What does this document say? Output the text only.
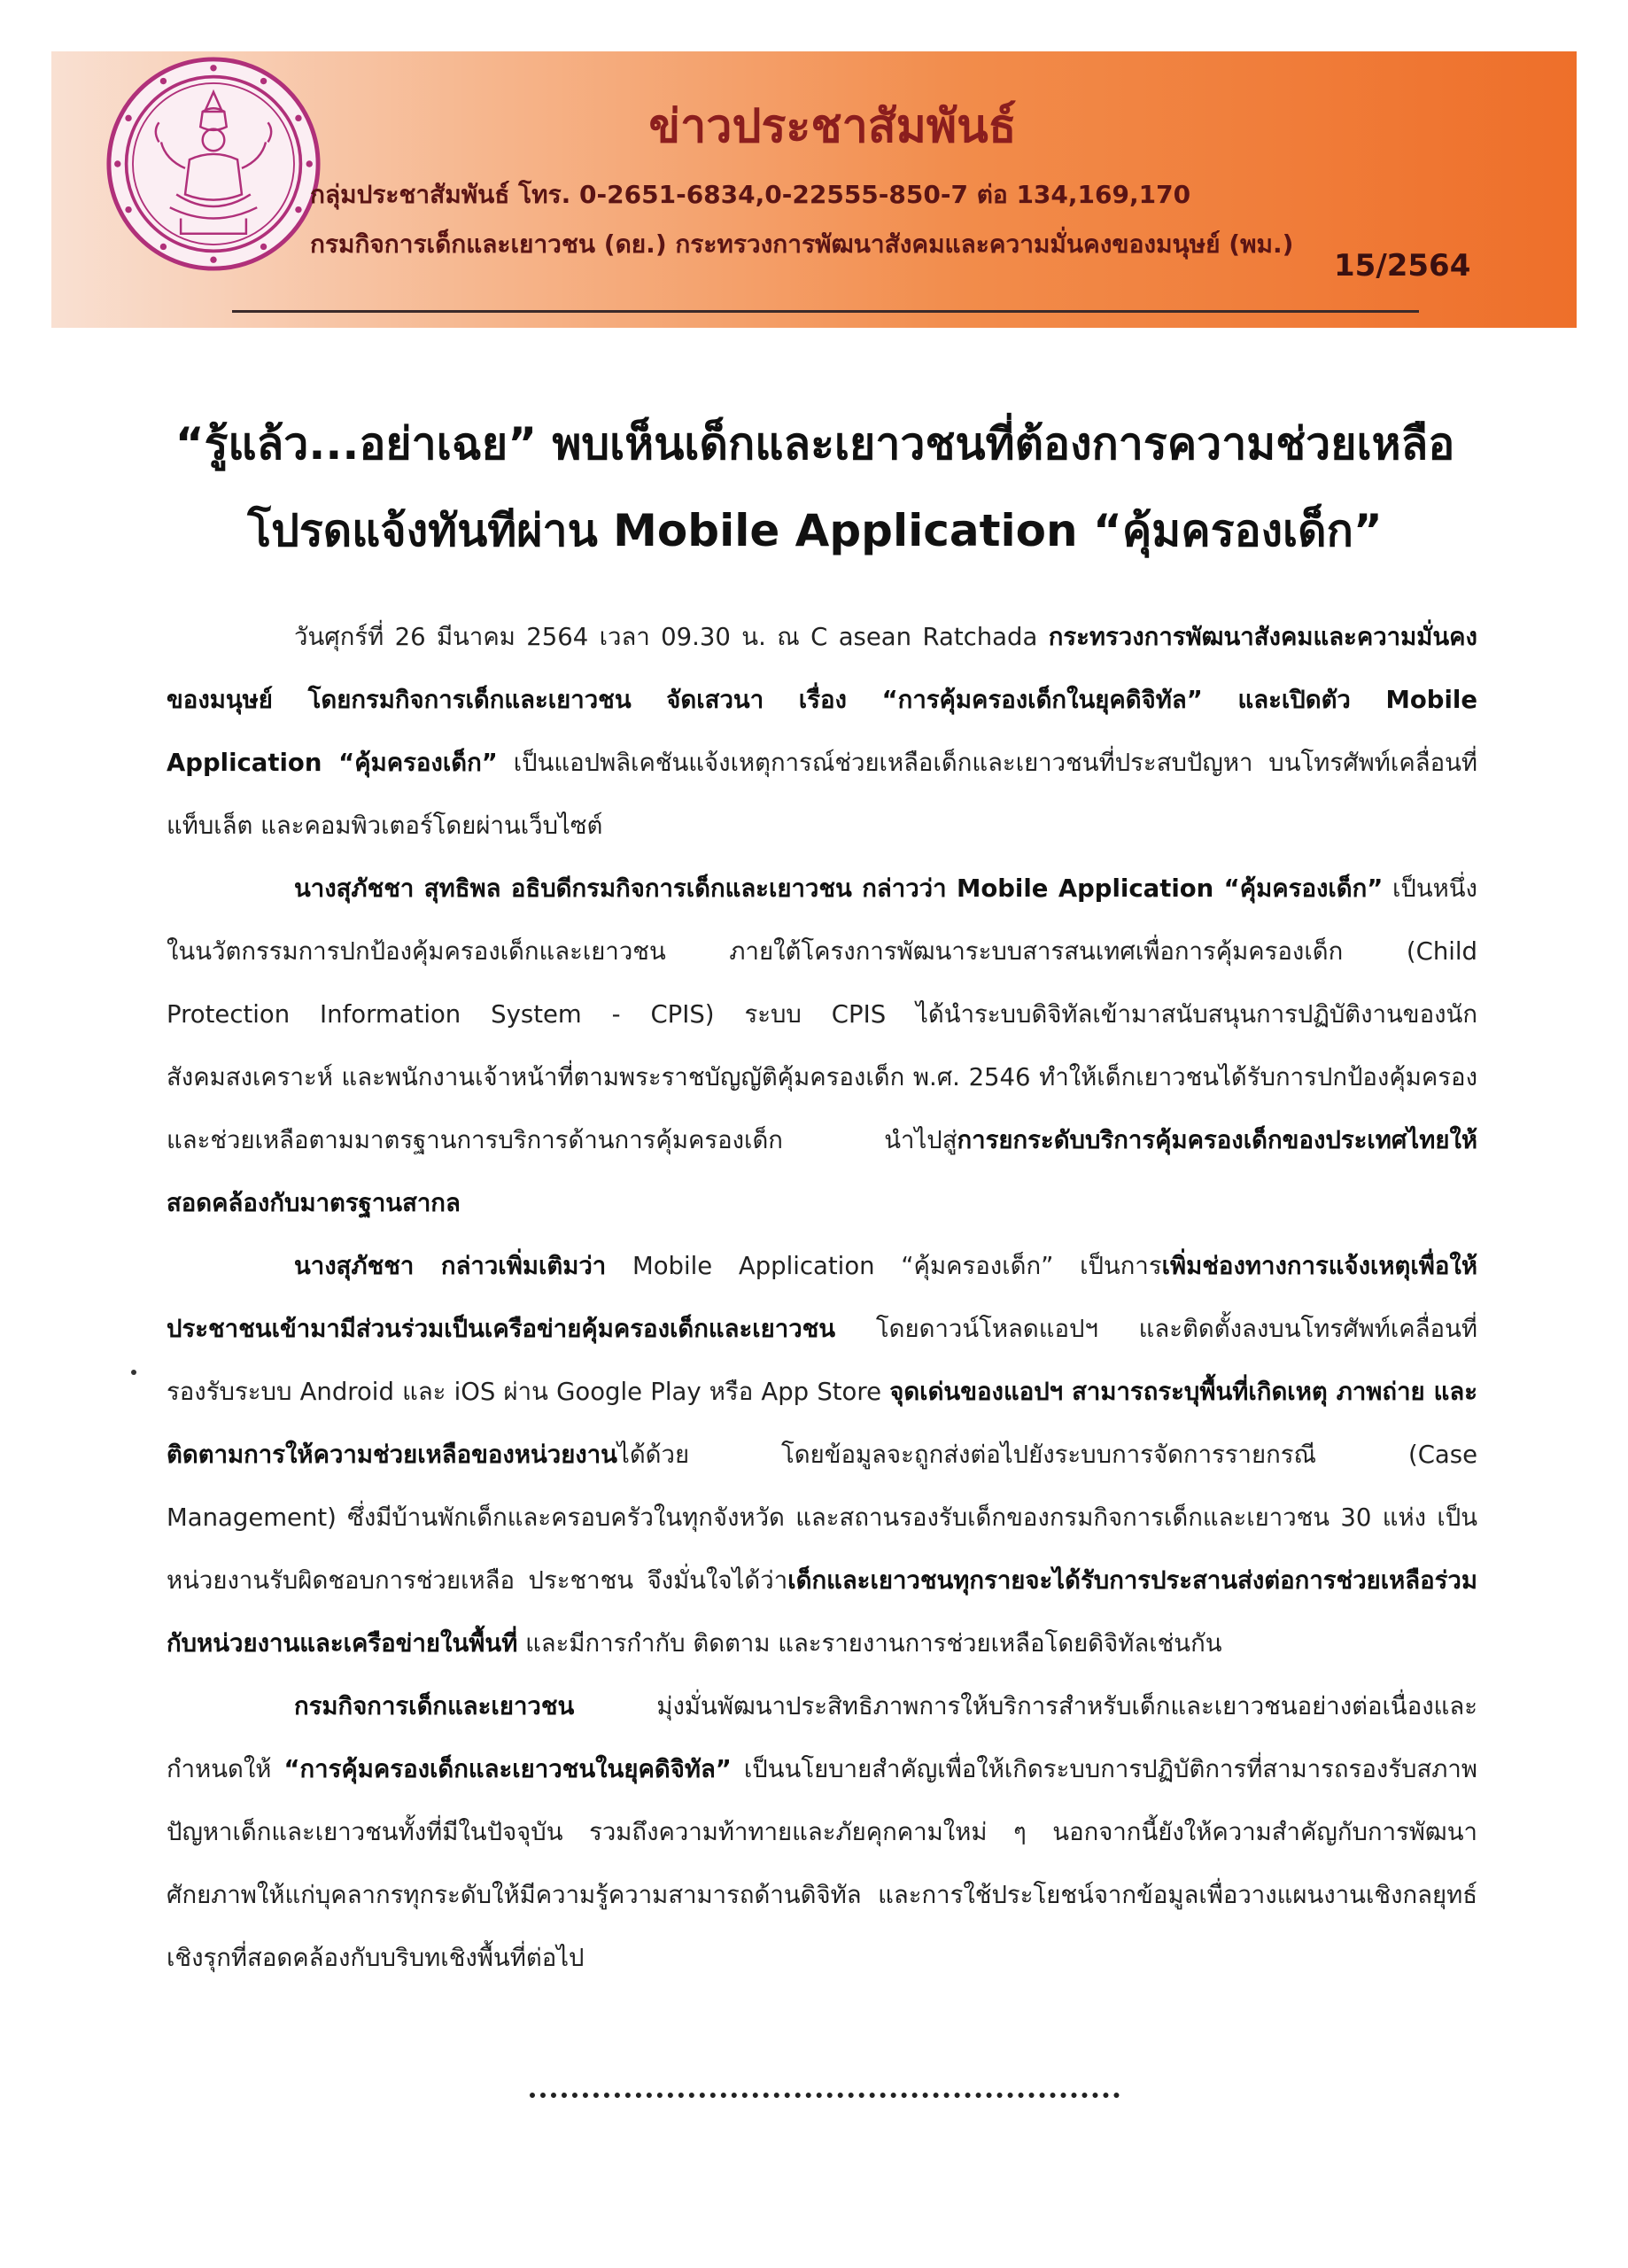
ข่าวประชาสัมพันธ์
กลุ่มประชาสัมพันธ์ โทร. 0-2651-6834,0-22555-850-7 ต่อ 134,169,170
กรมกิจการเด็กและเยาวชน (ดย.) กระทรวงการพัฒนาสังคมและความมั่นคงของมนุษย์ (พม.)
15/2564
“รู้แล้ว...อย่าเฉย” พบเห็นเด็กและเยาวชนที่ต้องการความช่วยเหลือ
โปรดแจ้งทันทีผ่าน Mobile Application “คุ้มครองเด็ก”

วันศุกร์ที่ 26 มีนาคม 2564 เวลา 09.30 น. ณ C asean Ratchada กระทรวงการพัฒนาสังคมและความมั่นคงของมนุษย์ โดยกรมกิจการเด็กและเยาวชน จัดเสวนา เรื่อง “การคุ้มครองเด็กในยุคดิจิทัล” และเปิดตัว Mobile Application “คุ้มครองเด็ก” เป็นแอปพลิเคชันแจ้งเหตุการณ์ช่วยเหลือเด็กและเยาวชนที่ประสบปัญหา บนโทรศัพท์เคลื่อนที่ แท็บเล็ต และคอมพิวเตอร์โดยผ่านเว็บไซต์

นางสุภัชชา สุทธิพล อธิบดีกรมกิจการเด็กและเยาวชน กล่าวว่า Mobile Application “คุ้มครองเด็ก” เป็นหนึ่งในนวัตกรรมการปกป้องคุ้มครองเด็กและเยาวชน ภายใต้โครงการพัฒนาระบบสารสนเทศเพื่อการคุ้มครองเด็ก (Child Protection Information System - CPIS) ระบบ CPIS ได้นำระบบดิจิทัลเข้ามาสนับสนุนการปฏิบัติงานของนักสังคมสงเคราะห์ และพนักงานเจ้าหน้าที่ตามพระราชบัญญัติคุ้มครองเด็ก พ.ศ. 2546 ทำให้เด็กเยาวชนได้รับการปกป้องคุ้มครองและช่วยเหลือตามมาตรฐานการบริการด้านการคุ้มครองเด็ก นำไปสู่การยกระดับบริการคุ้มครองเด็กของประเทศไทยให้สอดคล้องกับมาตรฐานสากล

นางสุภัชชา กล่าวเพิ่มเติมว่า Mobile Application “คุ้มครองเด็ก” เป็นการเพิ่มช่องทางการแจ้งเหตุเพื่อให้ประชาชนเข้ามามีส่วนร่วมเป็นเครือข่ายคุ้มครองเด็กและเยาวชน โดยดาวน์โหลดแอปฯ และติดตั้งลงบนโทรศัพท์เคลื่อนที่รองรับระบบ Android และ iOS ผ่าน Google Play หรือ App Store จุดเด่นของแอปฯ สามารถระบุพื้นที่เกิดเหตุ ภาพถ่าย และติดตามการให้ความช่วยเหลือของหน่วยงานได้ด้วย โดยข้อมูลจะถูกส่งต่อไปยังระบบการจัดการรายกรณี (Case Management) ซึ่งมีบ้านพักเด็กและครอบครัวในทุกจังหวัด และสถานรองรับเด็กของกรมกิจการเด็กและเยาวชน 30 แห่ง เป็นหน่วยงานรับผิดชอบการช่วยเหลือ ประชาชน จึงมั่นใจได้ว่าเด็กและเยาวชนทุกรายจะได้รับการประสานส่งต่อการช่วยเหลือร่วมกับหน่วยงานและเครือข่ายในพื้นที่ และมีการกำกับ ติดตาม และรายงานการช่วยเหลือโดยดิจิทัลเช่นกัน

กรมกิจการเด็กและเยาวชน มุ่งมั่นพัฒนาประสิทธิภาพการให้บริการสำหรับเด็กและเยาวชนอย่างต่อเนื่องและกำหนดให้ “การคุ้มครองเด็กและเยาวชนในยุคดิจิทัล” เป็นนโยบายสำคัญเพื่อให้เกิดระบบการปฏิบัติการที่สามารถรองรับสภาพปัญหาเด็กและเยาวชนทั้งที่มีในปัจจุบัน รวมถึงความท้าทายและภัยคุกคามใหม่ ๆ นอกจากนี้ยังให้ความสำคัญกับการพัฒนาศักยภาพให้แก่บุคลากรทุกระดับให้มีความรู้ความสามารถด้านดิจิทัล และการใช้ประโยชน์จากข้อมูลเพื่อวางแผนงานเชิงกลยุทธ์เชิงรุกที่สอดคล้องกับบริบทเชิงพื้นที่ต่อไป
